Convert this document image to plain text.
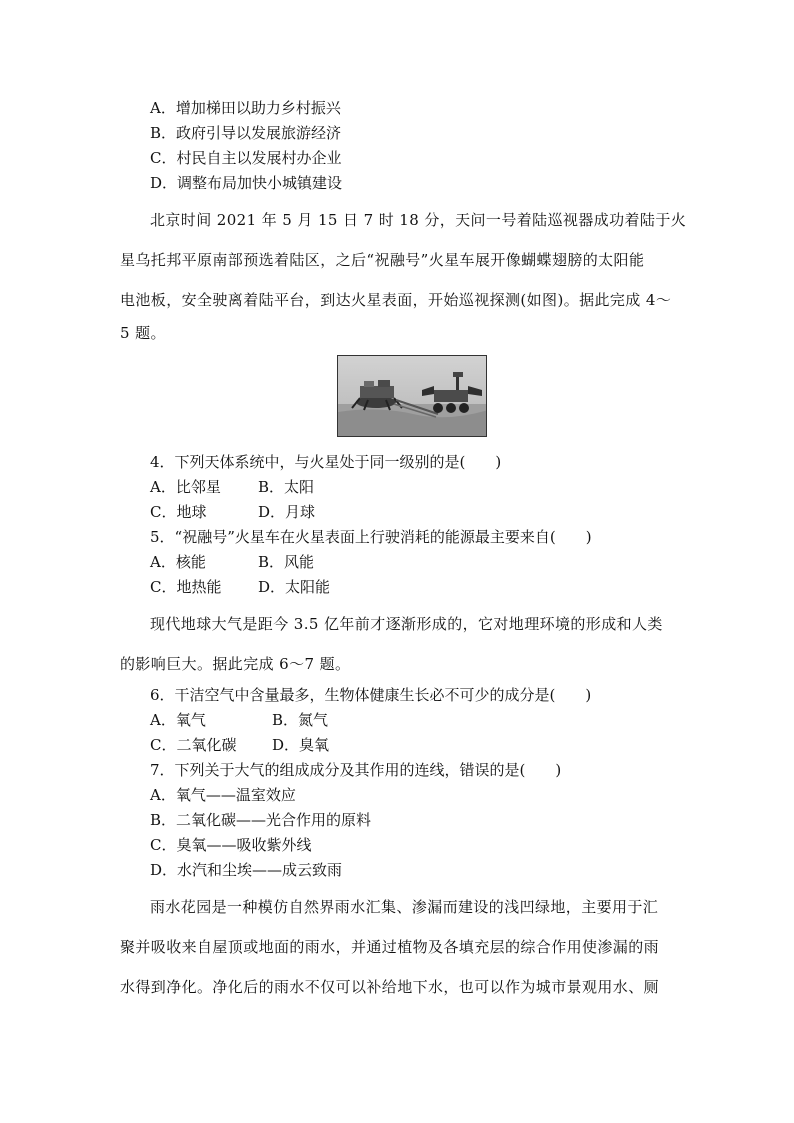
A．增加梯田以助力乡村振兴
B．政府引导以发展旅游经济
C．村民自主以发展村办企业
D．调整布局加快小城镇建设
北京时间 2021 年 5 月 15 日 7 时 18 分，天问一号着陆巡视器成功着陆于火
星乌托邦平原南部预选着陆区，之后“祝融号”火星车展开像蝴蝶翅膀的太阳能
电池板，安全驶离着陆平台，到达火星表面，开始巡视探测(如图)。据此完成 4～
5 题。
4．下列天体系统中，与火星处于同一级别的是(　　)
A．比邻星 B．太阳
C．地球	D．月球
5．“祝融号”火星车在火星表面上行驶消耗的能源最主要来自(　　)
A．核能	B．风能
C．地热能 D．太阳能
现代地球大气是距今 3.5 亿年前才逐渐形成的，它对地理环境的形成和人类
的影响巨大。据此完成 6～7 题。
6．干洁空气中含量最多，生物体健康生长必不可少的成分是(　　)
A．氧气	B．氮气
C．二氧化碳 D．臭氧
7．下列关于大气的组成成分及其作用的连线，错误的是(　　)
A．氧气——温室效应
B．二氧化碳——光合作用的原料
C．臭氧——吸收紫外线
D．水汽和尘埃——成云致雨
雨水花园是一种模仿自然界雨水汇集、渗漏而建设的浅凹绿地，主要用于汇
聚并吸收来自屋顶或地面的雨水，并通过植物及各填充层的综合作用使渗漏的雨
水得到净化。净化后的雨水不仅可以补给地下水，也可以作为城市景观用水、厕
